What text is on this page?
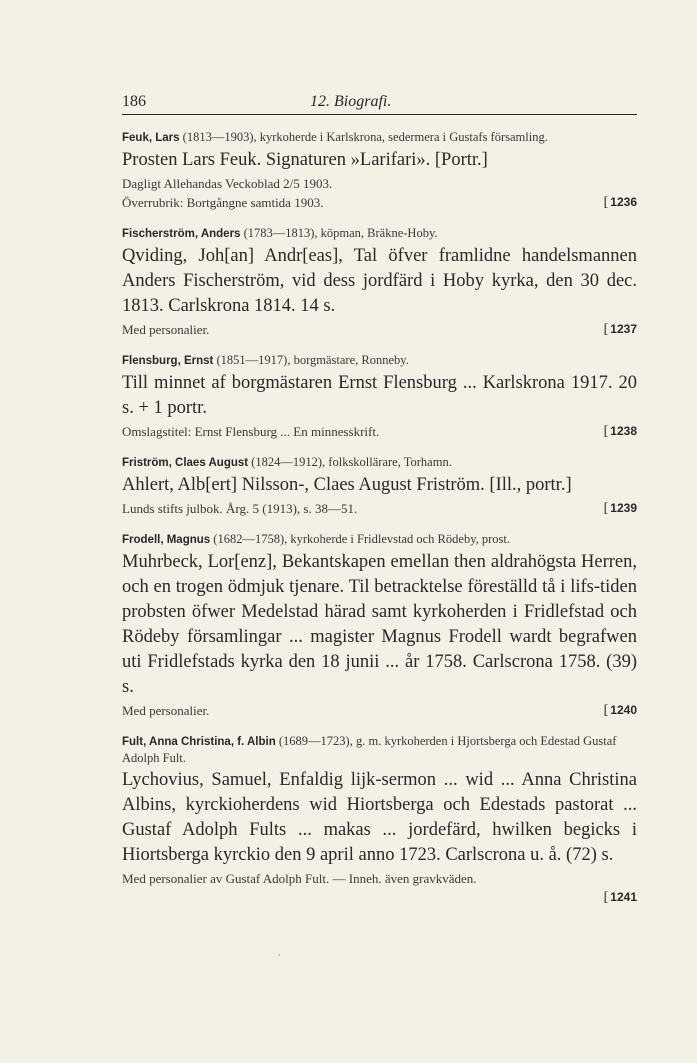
186	12. Biografi.
Feuk, Lars (1813—1903), kyrkoherde i Karlskrona, sedermera i Gustafs församling.
Prosten Lars Feuk. Signaturen »Larifari». [Portr.]
Dagligt Allehandas Veckoblad 2/5 1903.
Överrubrik: Bortgångne samtida 1903.	[ 1236
Fischerström, Anders (1783—1813), köpman, Bräkne-Hoby.
Qviding, Joh[an] Andr[eas], Tal öfver framlidne handelsmannen Anders Fischerström, vid dess jordfärd i Hoby kyrka, den 30 dec. 1813. Carlskrona 1814. 14 s.
Med personalier.	[ 1237
Flensburg, Ernst (1851—1917), borgmästare, Ronneby.
Till minnet af borgmästaren Ernst Flensburg ... Karlskrona 1917. 20 s. + 1 portr.
Omslagstitel: Ernst Flensburg ... En minnesskrift.	[ 1238
Friström, Claes August (1824—1912), folkskollärare, Torhamn.
Ahlert, Alb[ert] Nilsson-, Claes August Friström. [Ill., portr.]
Lunds stifts julbok. Årg. 5 (1913), s. 38—51.	[ 1239
Frodell, Magnus (1682—1758), kyrkoherde i Fridlevstad och Rödeby, prost.
Muhrbeck, Lor[enz], Bekantskapen emellan then aldrahögsta Herren, och en trogen ödmjuk tjenare. Til betracktelse föreställd tå i lifs-tiden probsten öfwer Medelstad härad samt kyrkoherden i Fridlefstad och Rödeby församlingar ... magister Magnus Frodell wardt begrafwen uti Fridlefstads kyrka den 18 junii ... år 1758. Carlscrona 1758. (39) s.
Med personalier.	[ 1240
Fult, Anna Christina, f. Albin (1689—1723), g. m. kyrkoherden i Hjortsberga och Edestad Gustaf Adolph Fult.
Lychovius, Samuel, Enfaldig lijk-sermon ... wid ... Anna Christina Albins, kyrckioherdens wid Hiortsberga och Edestads pastorat ... Gustaf Adolph Fults ... makas ... jordefärd, hwilken begicks i Hiortsberga kyrckio den 9 april anno 1723. Carlscrona u. å. (72) s.
Med personalier av Gustaf Adolph Fult. — Inneh. även gravkväden.
[ 1241
